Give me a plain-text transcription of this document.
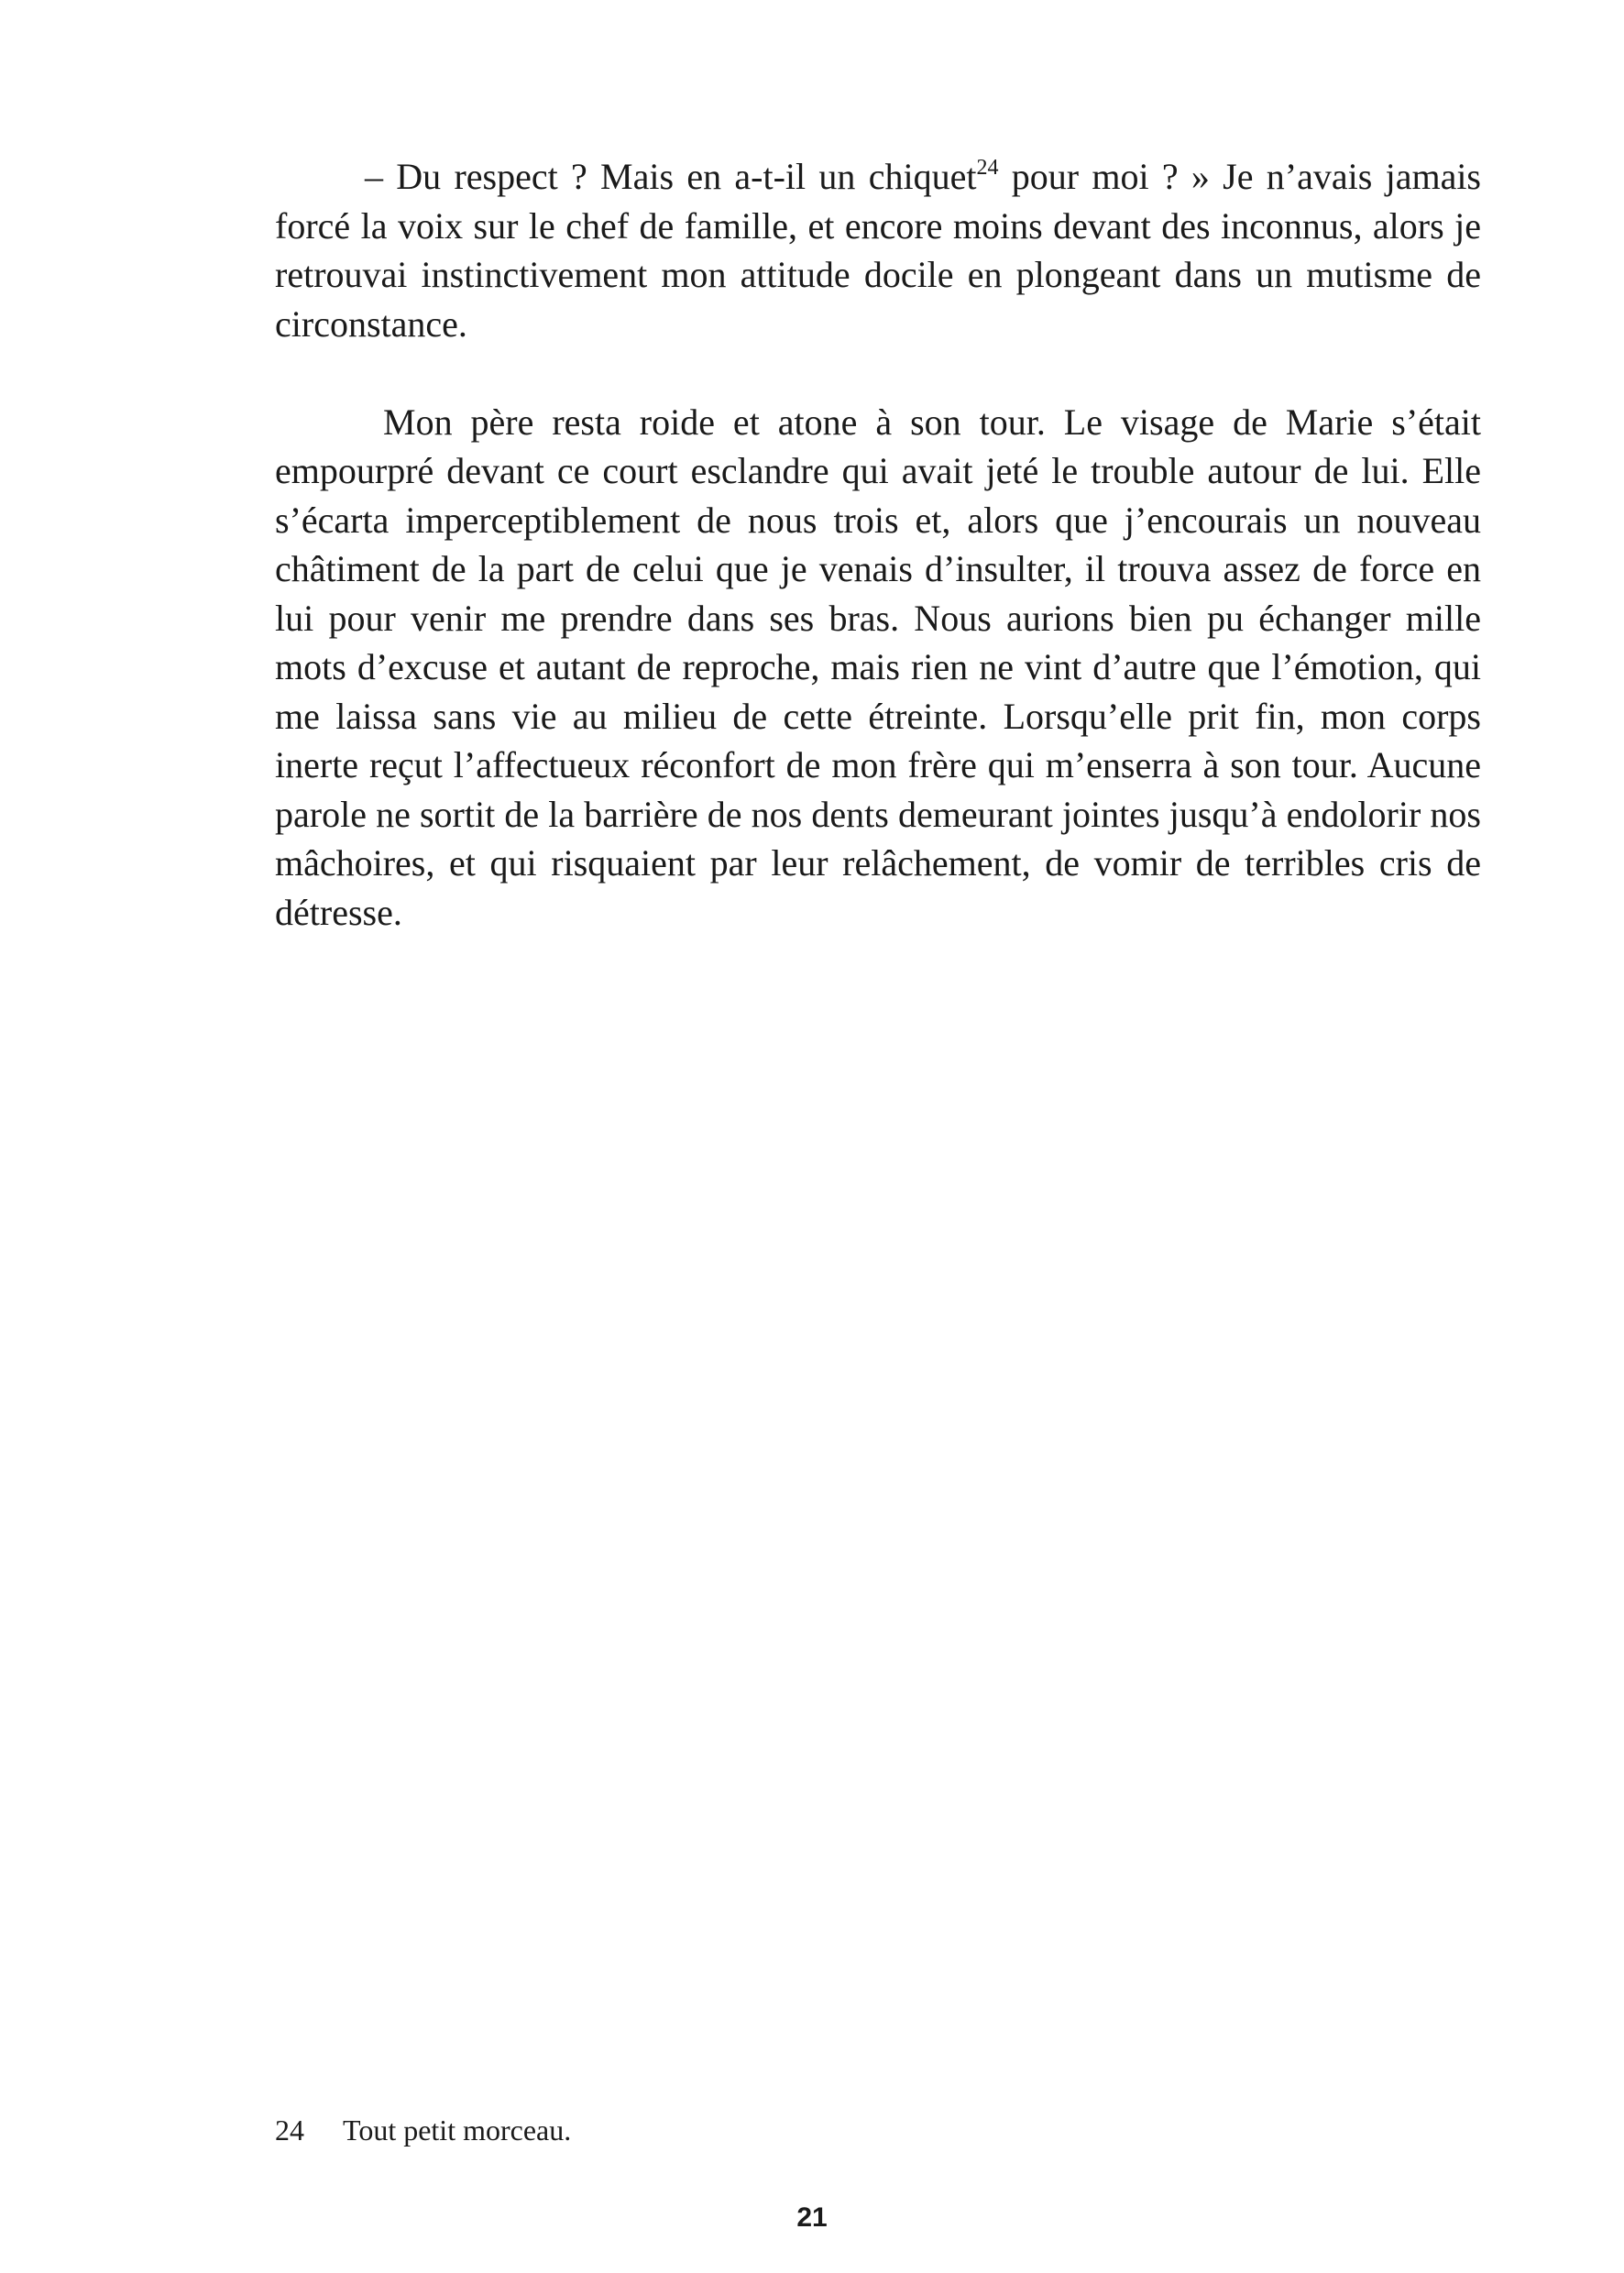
– Du respect ? Mais en a-t-il un chiquet$^{24}$ pour moi ? » Je n’avais jamais forcé la voix sur le chef de famille, et encore moins devant des inconnus, alors je retrouvai instinctivement mon attitude docile en plongeant dans un mutisme de circonstance.

Mon père resta roide et atone à son tour. Le visage de Marie s’était empourpré devant ce court esclandre qui avait jeté le trouble autour de lui. Elle s’écarta imperceptiblement de nous trois et, alors que j’encourais un nouveau châtiment de la part de celui que je venais d’insulter, il trouva assez de force en lui pour venir me prendre dans ses bras. Nous aurions bien pu échanger mille mots d’excuse et autant de reproche, mais rien ne vint d’autre que l’émotion, qui me laissa sans vie au milieu de cette étreinte. Lorsqu’elle prit fin, mon corps inerte reçut l’affectueux réconfort de mon frère qui m’enserra à son tour. Aucune parole ne sortit de la barrière de nos dents demeurant jointes jusqu’à endolorir nos mâchoires, et qui risquaient par leur relâchement, de vomir de terribles cris de détresse.

24 Tout petit morceau.
21
